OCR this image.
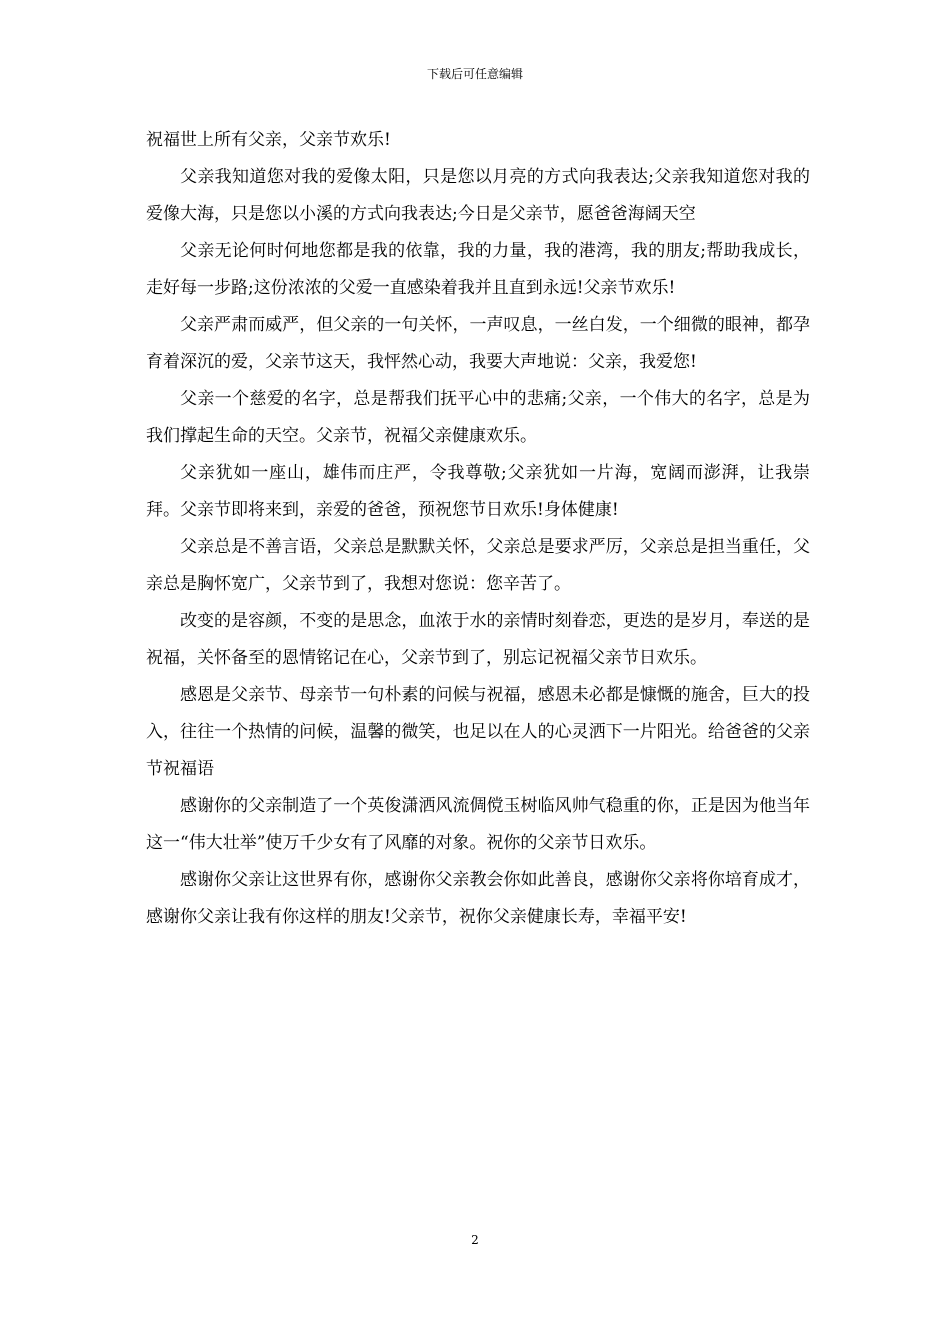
下载后可任意编辑

祝福世上所有父亲，父亲节欢乐!

父亲我知道您对我的爱像太阳，只是您以月亮的方式向我表达;父亲我知道您对我的爱像大海，只是您以小溪的方式向我表达;今日是父亲节，愿爸爸海阔天空

父亲无论何时何地您都是我的依靠，我的力量，我的港湾，我的朋友;帮助我成长，走好每一步路;这份浓浓的父爱一直感染着我并且直到永远!父亲节欢乐!

父亲严肃而威严，但父亲的一句关怀，一声叹息，一丝白发，一个细微的眼神，都孕育着深沉的爱，父亲节这天，我怦然心动，我要大声地说：父亲，我爱您!

父亲一个慈爱的名字，总是帮我们抚平心中的悲痛;父亲，一个伟大的名字，总是为我们撑起生命的天空。父亲节，祝福父亲健康欢乐。

父亲犹如一座山，雄伟而庄严，令我尊敬;父亲犹如一片海，宽阔而澎湃，让我崇拜。父亲节即将来到，亲爱的爸爸，预祝您节日欢乐!身体健康!

父亲总是不善言语，父亲总是默默关怀，父亲总是要求严厉，父亲总是担当重任，父亲总是胸怀宽广，父亲节到了，我想对您说：您辛苦了。

改变的是容颜，不变的是思念，血浓于水的亲情时刻眷恋，更迭的是岁月，奉送的是祝福，关怀备至的恩情铭记在心，父亲节到了，别忘记祝福父亲节日欢乐。

感恩是父亲节、母亲节一句朴素的问候与祝福，感恩未必都是慷慨的施舍，巨大的投入，往往一个热情的问候，温馨的微笑，也足以在人的心灵洒下一片阳光。给爸爸的父亲节祝福语

感谢你的父亲制造了一个英俊潇洒风流倜傥玉树临风帅气稳重的你，正是因为他当年这一“伟大壮举”使万千少女有了风靡的对象。祝你的父亲节日欢乐。

感谢你父亲让这世界有你，感谢你父亲教会你如此善良，感谢你父亲将你培育成才，感谢你父亲让我有你这样的朋友!父亲节，祝你父亲健康长寿，幸福平安!

2
